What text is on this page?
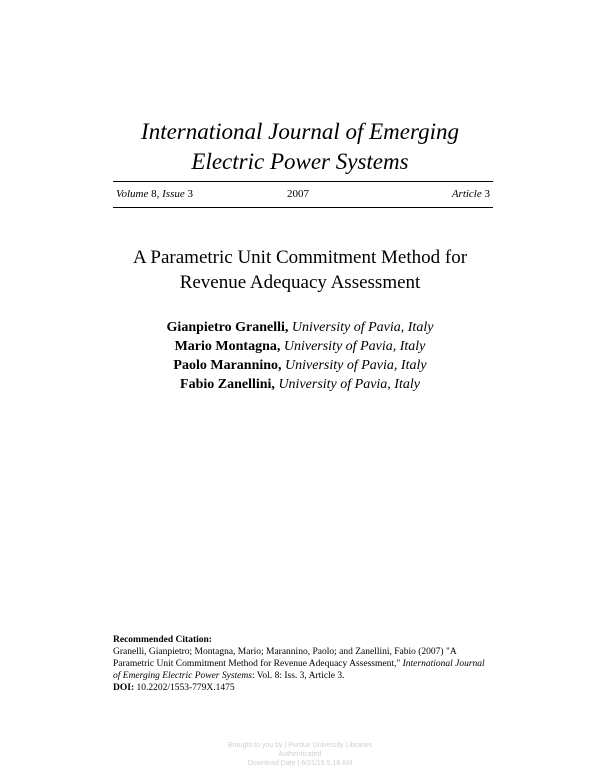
International Journal of Emerging
Electric Power Systems
Volume 8, Issue 3	2007	Article 3
A Parametric Unit Commitment Method for
Revenue Adequacy Assessment
Gianpietro Granelli, University of Pavia, Italy
Mario Montagna, University of Pavia, Italy
Paolo Marannino, University of Pavia, Italy
Fabio Zanellini, University of Pavia, Italy
Recommended Citation:
Granelli, Gianpietro; Montagna, Mario; Marannino, Paolo; and Zanellini, Fabio (2007) "A Parametric Unit Commitment Method for Revenue Adequacy Assessment," International Journal of Emerging Electric Power Systems: Vol. 8: Iss. 3, Article 3.
DOI: 10.2202/1553-779X.1475
Brought to you by | Purdue University Libraries
Authenticated
Download Date | 6/21/15 5:16 AM
